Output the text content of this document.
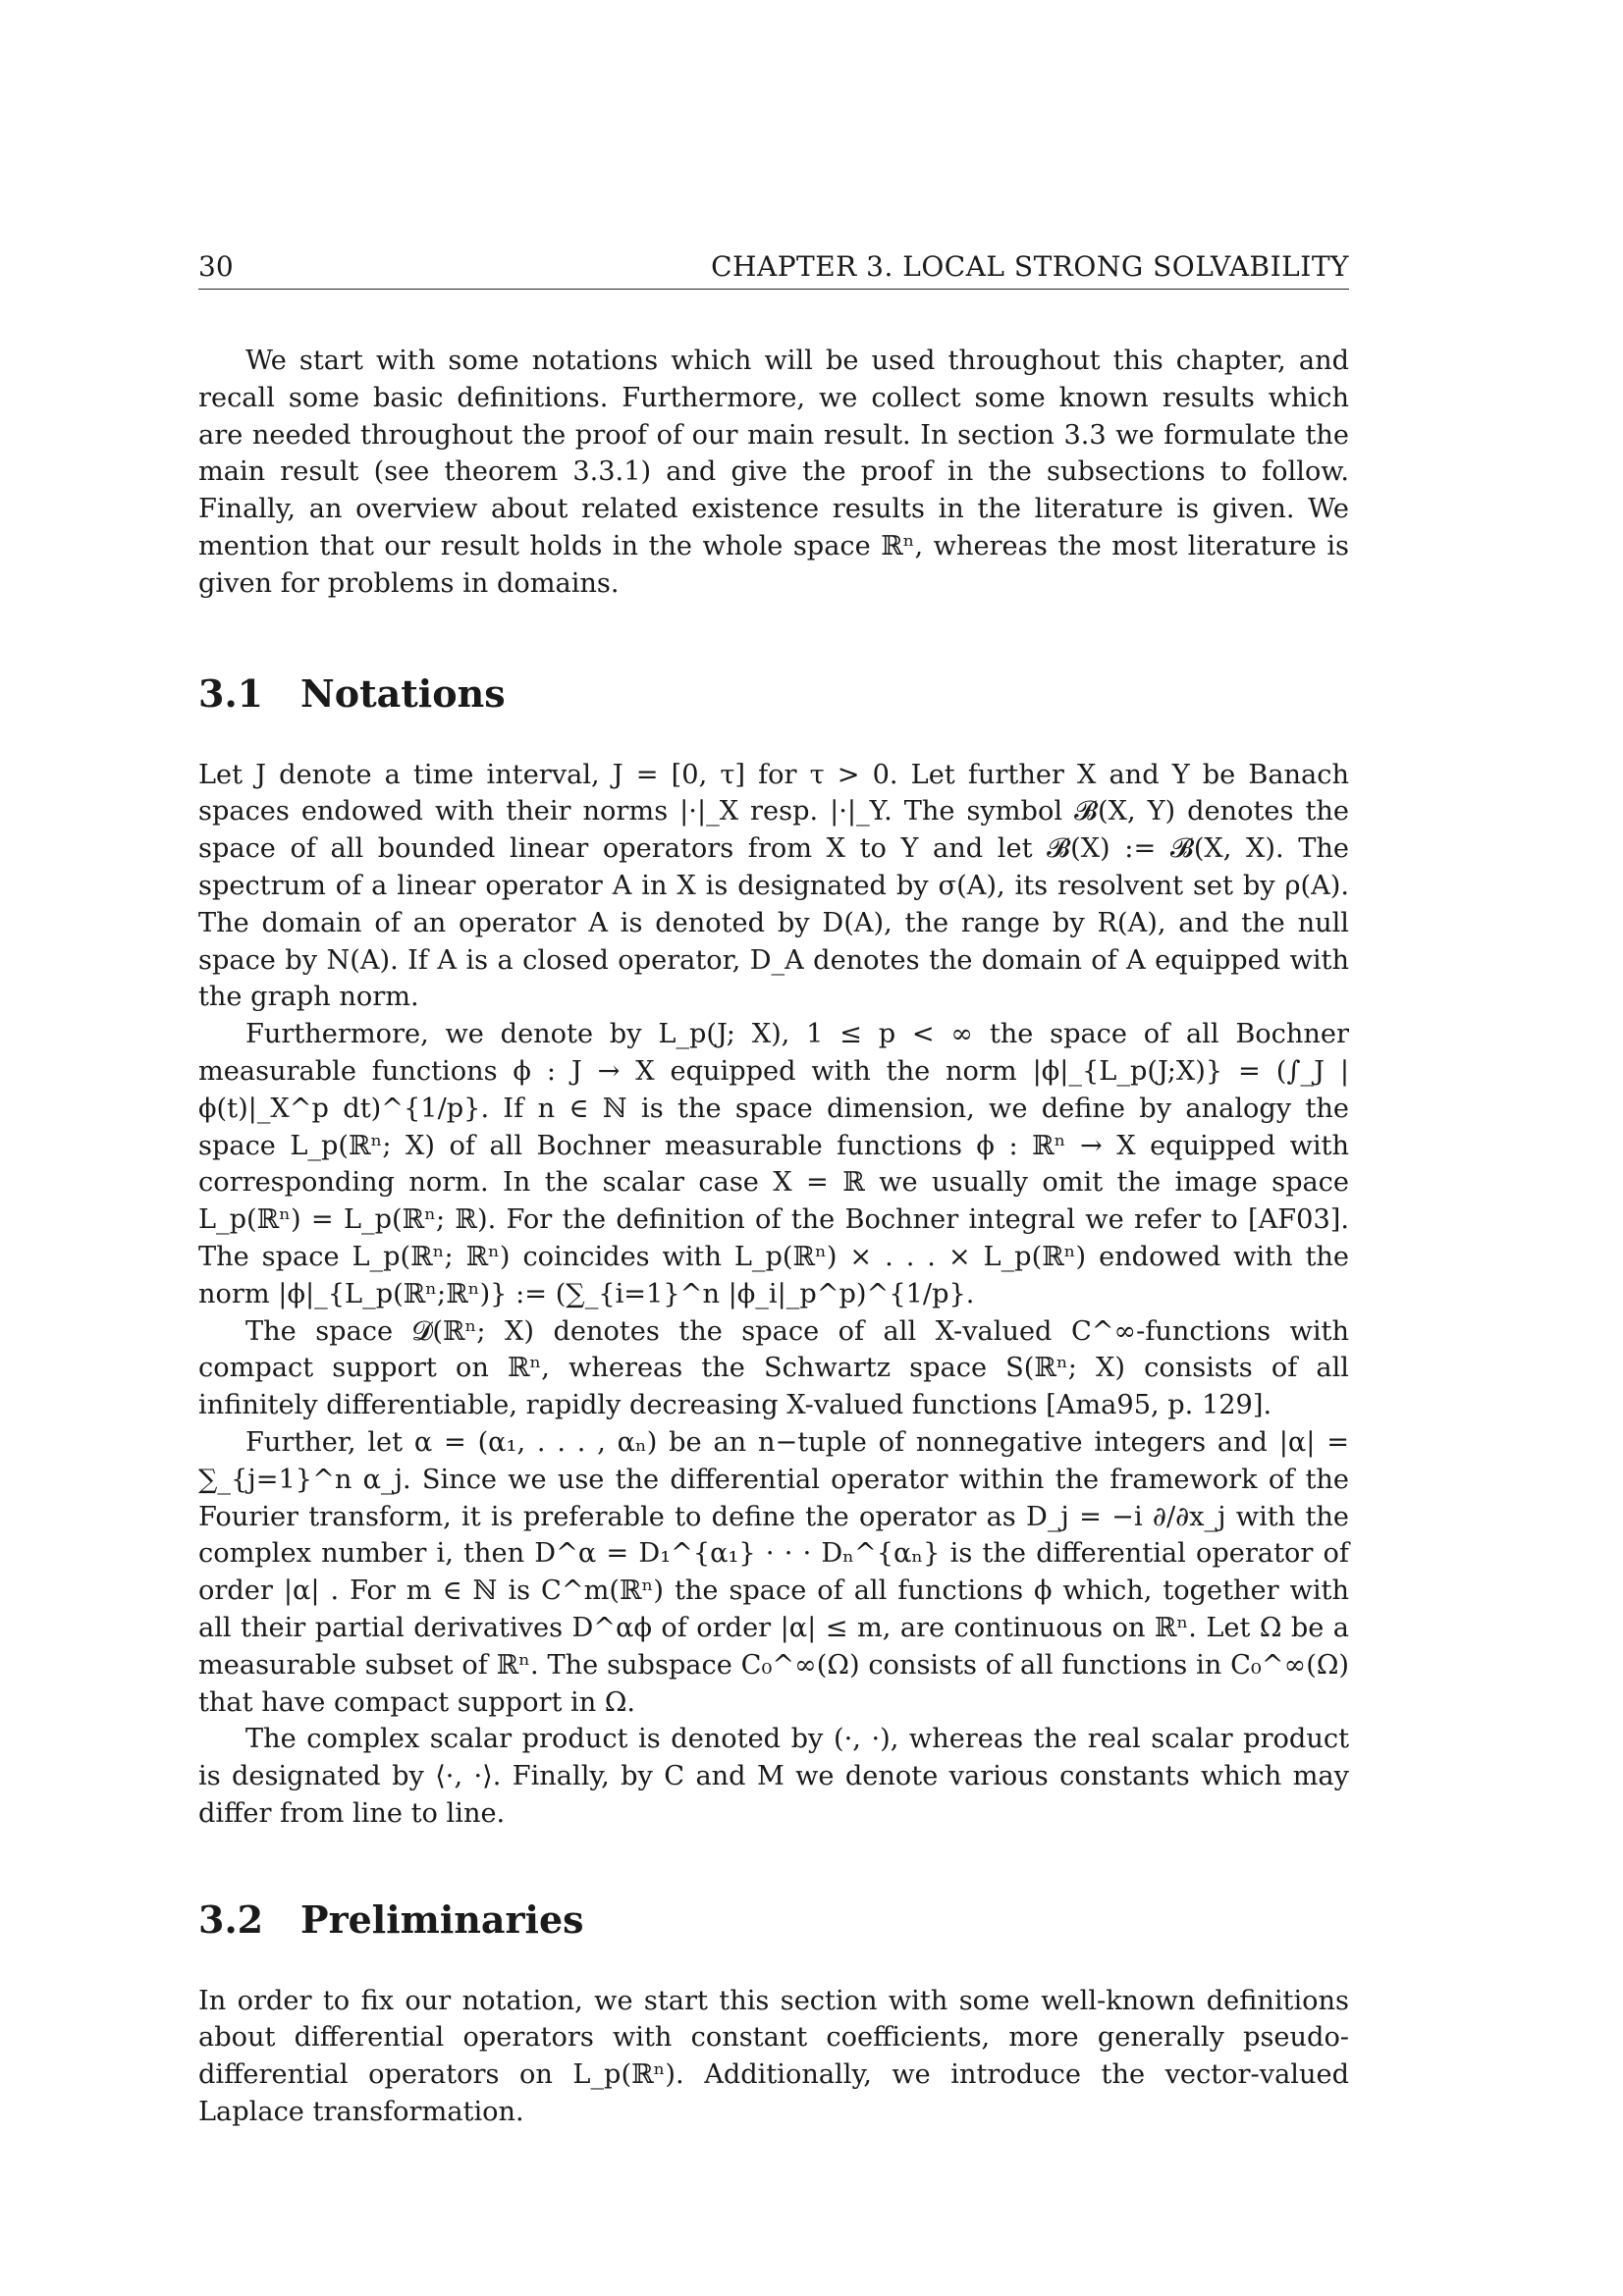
30	CHAPTER 3. LOCAL STRONG SOLVABILITY

We start with some notations which will be used throughout this chapter, and recall some basic definitions. Furthermore, we collect some known results which are needed throughout the proof of our main result. In section 3.3 we formulate the main result (see theorem 3.3.1) and give the proof in the subsections to follow. Finally, an overview about related existence results in the literature is given. We mention that our result holds in the whole space ℝⁿ, whereas the most literature is given for problems in domains.

3.1 Notations

Let J denote a time interval, J = [0, τ] for τ > 0. Let further X and Y be Banach spaces endowed with their norms |·|_X resp. |·|_Y. The symbol 𝓑(X, Y) denotes the space of all bounded linear operators from X to Y and let 𝓑(X) := 𝓑(X, X). The spectrum of a linear operator A in X is designated by σ(A), its resolvent set by ρ(A). The domain of an operator A is denoted by D(A), the range by R(A), and the null space by N(A). If A is a closed operator, D_A denotes the domain of A equipped with the graph norm.

Furthermore, we denote by L_p(J; X), 1 ≤ p < ∞ the space of all Bochner measurable functions ϕ : J → X equipped with the norm |ϕ|_{L_p(J;X)} = (∫_J |ϕ(t)|_X^p dt)^{1/p}. If n ∈ ℕ is the space dimension, we define by analogy the space L_p(ℝⁿ; X) of all Bochner measurable functions ϕ : ℝⁿ → X equipped with corresponding norm. In the scalar case X = ℝ we usually omit the image space L_p(ℝⁿ) = L_p(ℝⁿ; ℝ). For the definition of the Bochner integral we refer to [AF03]. The space L_p(ℝⁿ; ℝⁿ) coincides with L_p(ℝⁿ) × . . . × L_p(ℝⁿ) endowed with the norm |ϕ|_{L_p(ℝⁿ;ℝⁿ)} := (∑_{i=1}^n |ϕ_i|_p^p)^{1/p}.

The space 𝓓(ℝⁿ; X) denotes the space of all X-valued C^∞-functions with compact support on ℝⁿ, whereas the Schwartz space S(ℝⁿ; X) consists of all infinitely differentiable, rapidly decreasing X-valued functions [Ama95, p. 129].

Further, let α = (α₁, . . . , αₙ) be an n−tuple of nonnegative integers and |α| = ∑_{j=1}^n α_j. Since we use the differential operator within the framework of the Fourier transform, it is preferable to define the operator as D_j = −i ∂/∂x_j with the complex number i, then D^α = D₁^{α₁} · · · Dₙ^{αₙ} is the differential operator of order |α| . For m ∈ ℕ is C^m(ℝⁿ) the space of all functions ϕ which, together with all their partial derivatives D^αϕ of order |α| ≤ m, are continuous on ℝⁿ. Let Ω be a measurable subset of ℝⁿ. The subspace C₀^∞(Ω) consists of all functions in C₀^∞(Ω) that have compact support in Ω.

The complex scalar product is denoted by (·, ·), whereas the real scalar product is designated by ⟨·, ·⟩. Finally, by C and M we denote various constants which may differ from line to line.

3.2 Preliminaries

In order to fix our notation, we start this section with some well-known definitions about differential operators with constant coefficients, more generally pseudo-differential operators on L_p(ℝⁿ). Additionally, we introduce the vector-valued Laplace transformation.
